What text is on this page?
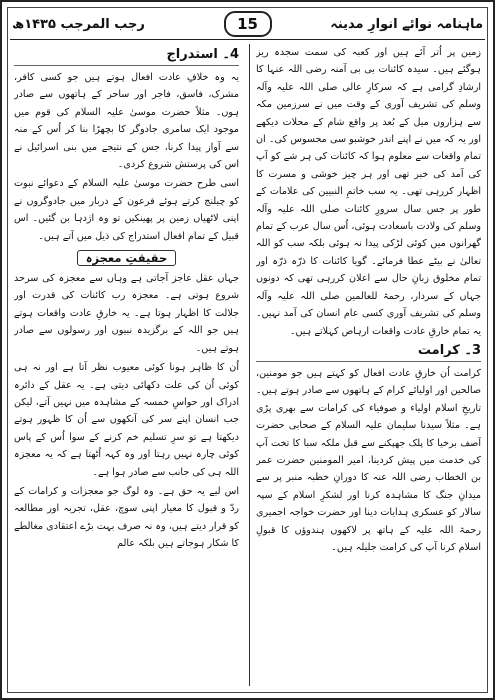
ماہنامہ نوائے انوارِ مدینہ
15
رجب المرجب ۱۴۳۵ھ

زمین پر اُتر آئے ہیں اور کعبہ کی سمت سجدہ ریز ہوگئے ہیں۔ سیدہ کائنات بی بی آمنہ رضی اللہ عنہا کا ارشادِ گرامی ہے کہ سرکارِ عالی صلی اللہ علیہ وآلہ وسلم کی تشریف آوری کے وقت میں نے سرزمین مکہ سے ہزاروں میل کے بُعد پر واقع شام کے محلات دیکھے اور یہ کہ میں نے اپنے اندر خوشبو سی محسوس کی۔ ان تمام واقعات سے معلوم ہوا کہ کائنات کی ہر شے کو آپ کی آمد کی خبر تھی اور ہر چیز خوشی و مسرت کا اظہار کررہی تھی۔ یہ سب خاتمِ النبیین کی علامات کے طور پر جس سال سرورِ کائنات صلی اللہ علیہ وآلہ وسلم کی ولادت باسعادت ہوئی، اُس سال عرب کے تمام گھرانوں میں کوئی لڑکی پیدا نہ ہوئی بلکہ سب کو اللہ تعالیٰ نے بیٹے عطا فرمائے۔ گویا کائنات کا ذرّہ ذرّہ اور تمام مخلوق زبانِ حال سے اعلان کررہی تھی کہ دونوں جہاں کے سردار، رحمۃ للعالمین صلی اللہ علیہ وآلہ وسلم کی تشریف آوری کسی عام انسان کی آمد نہیں۔ یہ تمام خارقِ عادت واقعات ارہاص کہلاتے ہیں۔

3۔ کرامت

کرامت اُن خارقِ عادت افعال کو کہتے ہیں جو مومنین، صالحین اور اولیائے کرام کے ہاتھوں سے صادر ہوتے ہیں۔ تاریخِ اسلام اولیاء و صوفیاء کی کرامات سے بھری پڑی ہے۔ مثلاً سیدنا سلیمان علیہ السلام کے صحابی حضرت آصف برخیا کا پلک جھپکنے سے قبل ملکہ سبا کا تخت آپ کی خدمت میں پیش کردینا، امیر المومنین حضرت عمر بن الخطاب رضی اللہ عنہ کا دورانِ خطبہ منبر پر سے میدانِ جنگ کا مشاہدہ کرنا اور لشکرِ اسلام کے سپہ سالار کو عسکری ہدایات دینا اور حضرت خواجہ اجمیری رحمۃ اللہ علیہ کے ہاتھ پر لاکھوں ہندوؤں کا قبولِ اسلام کرنا آپ کی کرامت جلیلہ ہیں۔

4۔ استدراج

یہ وہ خلافِ عادت افعال ہوتے ہیں جو کسی کافر، مشرک، فاسق، فاجر اور ساحر کے ہاتھوں سے صادر ہوں۔ مثلاً حضرت موسیٰ علیہ السلام کی قوم میں موجود ایک سامری جادوگر کا بچھڑا بنا کر اُس کے منہ سے آواز پیدا کرنا، جس کے نتیجے میں بنی اسرائیل نے اس کی پرستش شروع کردی۔

اسی طرح حضرت موسیٰ علیہ السلام کے دعوائے نبوت کو چیلنج کرتے ہوئے فرعون کے دربار میں جادوگروں نے اپنی لاٹھیاں زمین پر پھینکیں تو وہ اژدہا بن گئیں۔ اس قبیل کے تمام افعال استدراج کی ذیل میں آتے ہیں۔

حقیقتِ معجزہ

جہاں عقل عاجز آجاتی ہے وہاں سے معجزہ کی سرحد شروع ہوتی ہے۔ معجزہ رب کائنات کی قدرت اور جلالت کا اظہار ہوتا ہے۔ یہ خارقِ عادت واقعات ہوتے ہیں جو اللہ کے برگزیدہ نبیوں اور رسولوں سے صادر ہوتے ہیں۔

اُن کا ظاہر ہونا کوئی معیوب نظر آتا ہے اور نہ ہی کوئی اُن کی علت دکھائی دیتی ہے۔ یہ عقل کے دائرہ ادراک اور حواسِ خمسہ کے مشاہدہ میں نہیں آتے، لیکن جب انسان اپنے سر کی آنکھوں سے اُن کا ظہور ہوتے دیکھتا ہے تو سرِ تسلیم خم کرنے کے سوا اُس کے پاس کوئی چارہ نہیں رہتا اور وہ کہہ اُٹھتا ہے کہ یہ معجزہ اللہ ہی کی جانب سے صادر ہوا ہے۔

اس لیے یہ حق ہے۔ وہ لوگ جو معجزات و کرامات کے ردّ و قبول کا معیار اپنی سوچ، عقل، تجربہ اور مطالعہ کو قرار دیتے ہیں، وہ نہ صرف بہت بڑے اعتقادی مغالطے کا شکار ہوجاتے ہیں بلکہ عالم
